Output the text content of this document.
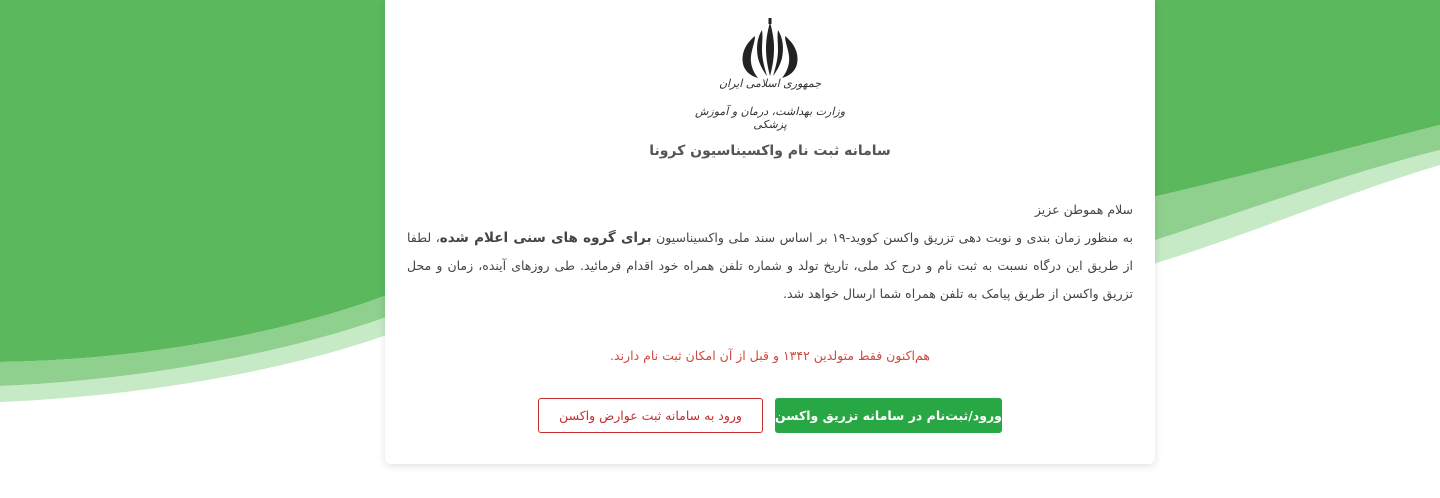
جمهوری اسلامی ایران
وزارت بهداشت، درمان و آموزش پزشکی
سامانه ثبت نام واکسیناسیون کرونا

سلام هموطن عزیز

به منظور زمان بندی و نوبت دهی تزریق واکسن کووید-۱۹ بر اساس سند ملی واکسیناسیون برای گروه های سنی اعلام شده، لطفا از طریق این درگاه نسبت به ثبت نام و درج کد ملی، تاریخ تولد و شماره تلفن همراه خود اقدام فرمائید. طی روزهای آینده، زمان و محل تزریق واکسن از طریق پیامک به تلفن همراه شما ارسال خواهد شد.

هم‌اکنون فقط متولدین ۱۳۴۲ و قبل از آن امکان ثبت نام دارند.
ورود/ثبت‌نام در سامانه تزریق واکسن
ورود به سامانه ثبت عوارض واکسن
